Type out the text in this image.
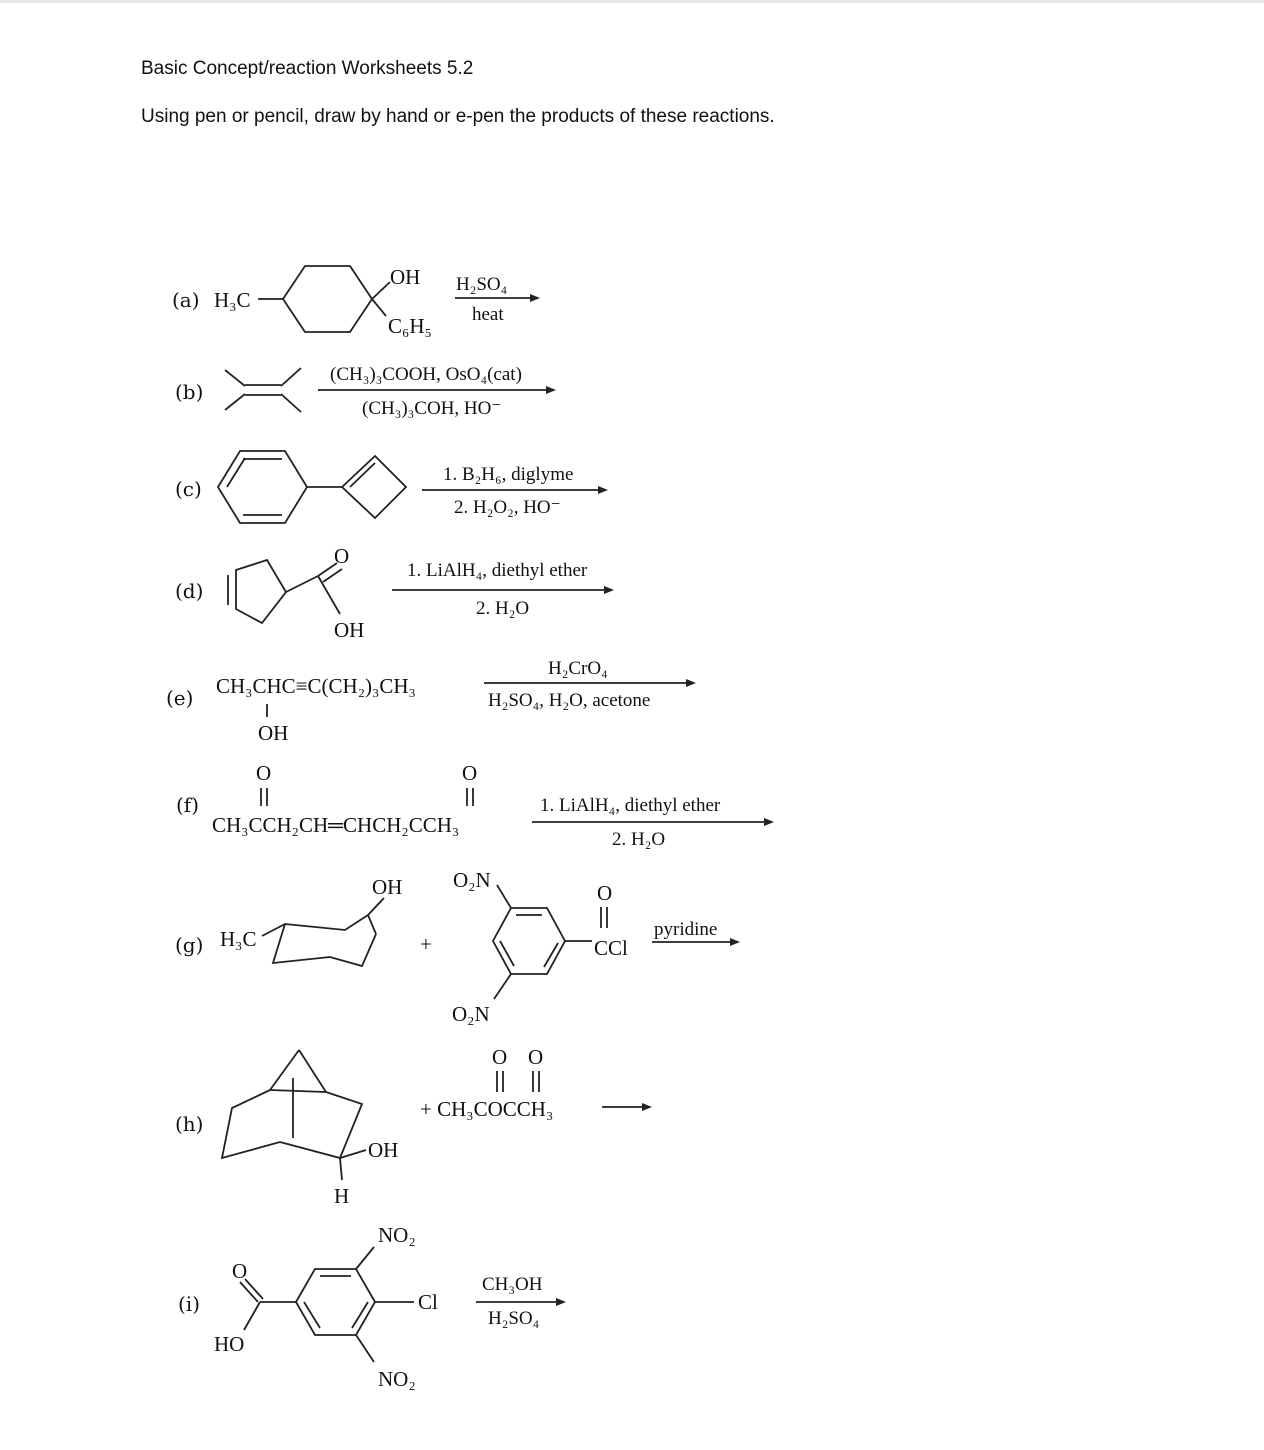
Basic Concept/reaction Worksheets 5.2
Using pen or pencil, draw by hand or e-pen the products of these reactions.
(a) H₃C
OH
C₆H₅
H₂SO₄
heat
(b)
(CH₃)₃COOH, OsO₄(cat)
(CH₃)₃COH, HO⁻
(c)
1. B₂H₆, diglyme
2. H₂O₂, HO⁻
(d)
O
OH
1. LiAlH₄, diethyl ether
2. H₂O
(e) CH₃CHC≡C(CH₂)₃CH₃
OH
H₂CrO₄
H₂SO₄, H₂O, acetone
(f)
O	O
CH₃CCH₂CH═CHCH₂CCH₃
1. LiAlH₄, diethyl ether
2. H₂O
(g) H₃C
OH
+
O₂N
O₂N
O
CCl
pyridine
(h)
OH
H
O O
+ CH₃COCCH₃
(i)
O
HO
NO₂
Cl
NO₂
CH₃OH
H₂SO₄
